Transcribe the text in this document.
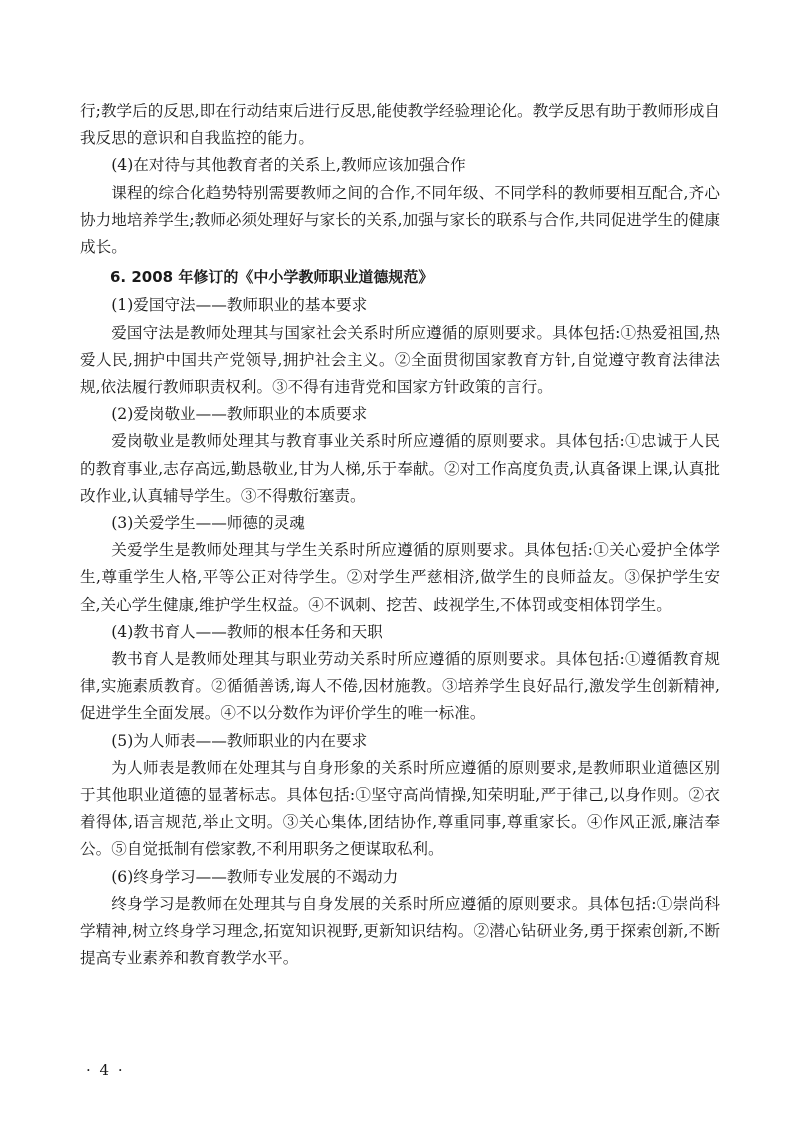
行;教学后的反思,即在行动结束后进行反思,能使教学经验理论化。教学反思有助于教师形成自我反思的意识和自我监控的能力。

(4)在对待与其他教育者的关系上,教师应该加强合作

课程的综合化趋势特别需要教师之间的合作,不同年级、不同学科的教师要相互配合,齐心协力地培养学生;教师必须处理好与家长的关系,加强与家长的联系与合作,共同促进学生的健康成长。

6. 2008 年修订的《中小学教师职业道德规范》

(1)爱国守法——教师职业的基本要求

爱国守法是教师处理其与国家社会关系时所应遵循的原则要求。具体包括:①热爱祖国,热爱人民,拥护中国共产党领导,拥护社会主义。②全面贯彻国家教育方针,自觉遵守教育法律法规,依法履行教师职责权利。③不得有违背党和国家方针政策的言行。

(2)爱岗敬业——教师职业的本质要求

爱岗敬业是教师处理其与教育事业关系时所应遵循的原则要求。具体包括:①忠诚于人民的教育事业,志存高远,勤恳敬业,甘为人梯,乐于奉献。②对工作高度负责,认真备课上课,认真批改作业,认真辅导学生。③不得敷衍塞责。

(3)关爱学生——师德的灵魂

关爱学生是教师处理其与学生关系时所应遵循的原则要求。具体包括:①关心爱护全体学生,尊重学生人格,平等公正对待学生。②对学生严慈相济,做学生的良师益友。③保护学生安全,关心学生健康,维护学生权益。④不讽刺、挖苦、歧视学生,不体罚或变相体罚学生。

(4)教书育人——教师的根本任务和天职

教书育人是教师处理其与职业劳动关系时所应遵循的原则要求。具体包括:①遵循教育规律,实施素质教育。②循循善诱,诲人不倦,因材施教。③培养学生良好品行,激发学生创新精神,促进学生全面发展。④不以分数作为评价学生的唯一标准。

(5)为人师表——教师职业的内在要求

为人师表是教师在处理其与自身形象的关系时所应遵循的原则要求,是教师职业道德区别于其他职业道德的显著标志。具体包括:①坚守高尚情操,知荣明耻,严于律己,以身作则。②衣着得体,语言规范,举止文明。③关心集体,团结协作,尊重同事,尊重家长。④作风正派,廉洁奉公。⑤自觉抵制有偿家教,不利用职务之便谋取私利。

(6)终身学习——教师专业发展的不竭动力

终身学习是教师在处理其与自身发展的关系时所应遵循的原则要求。具体包括:①崇尚科学精神,树立终身学习理念,拓宽知识视野,更新知识结构。②潜心钻研业务,勇于探索创新,不断提高专业素养和教育教学水平。

· 4 ·
